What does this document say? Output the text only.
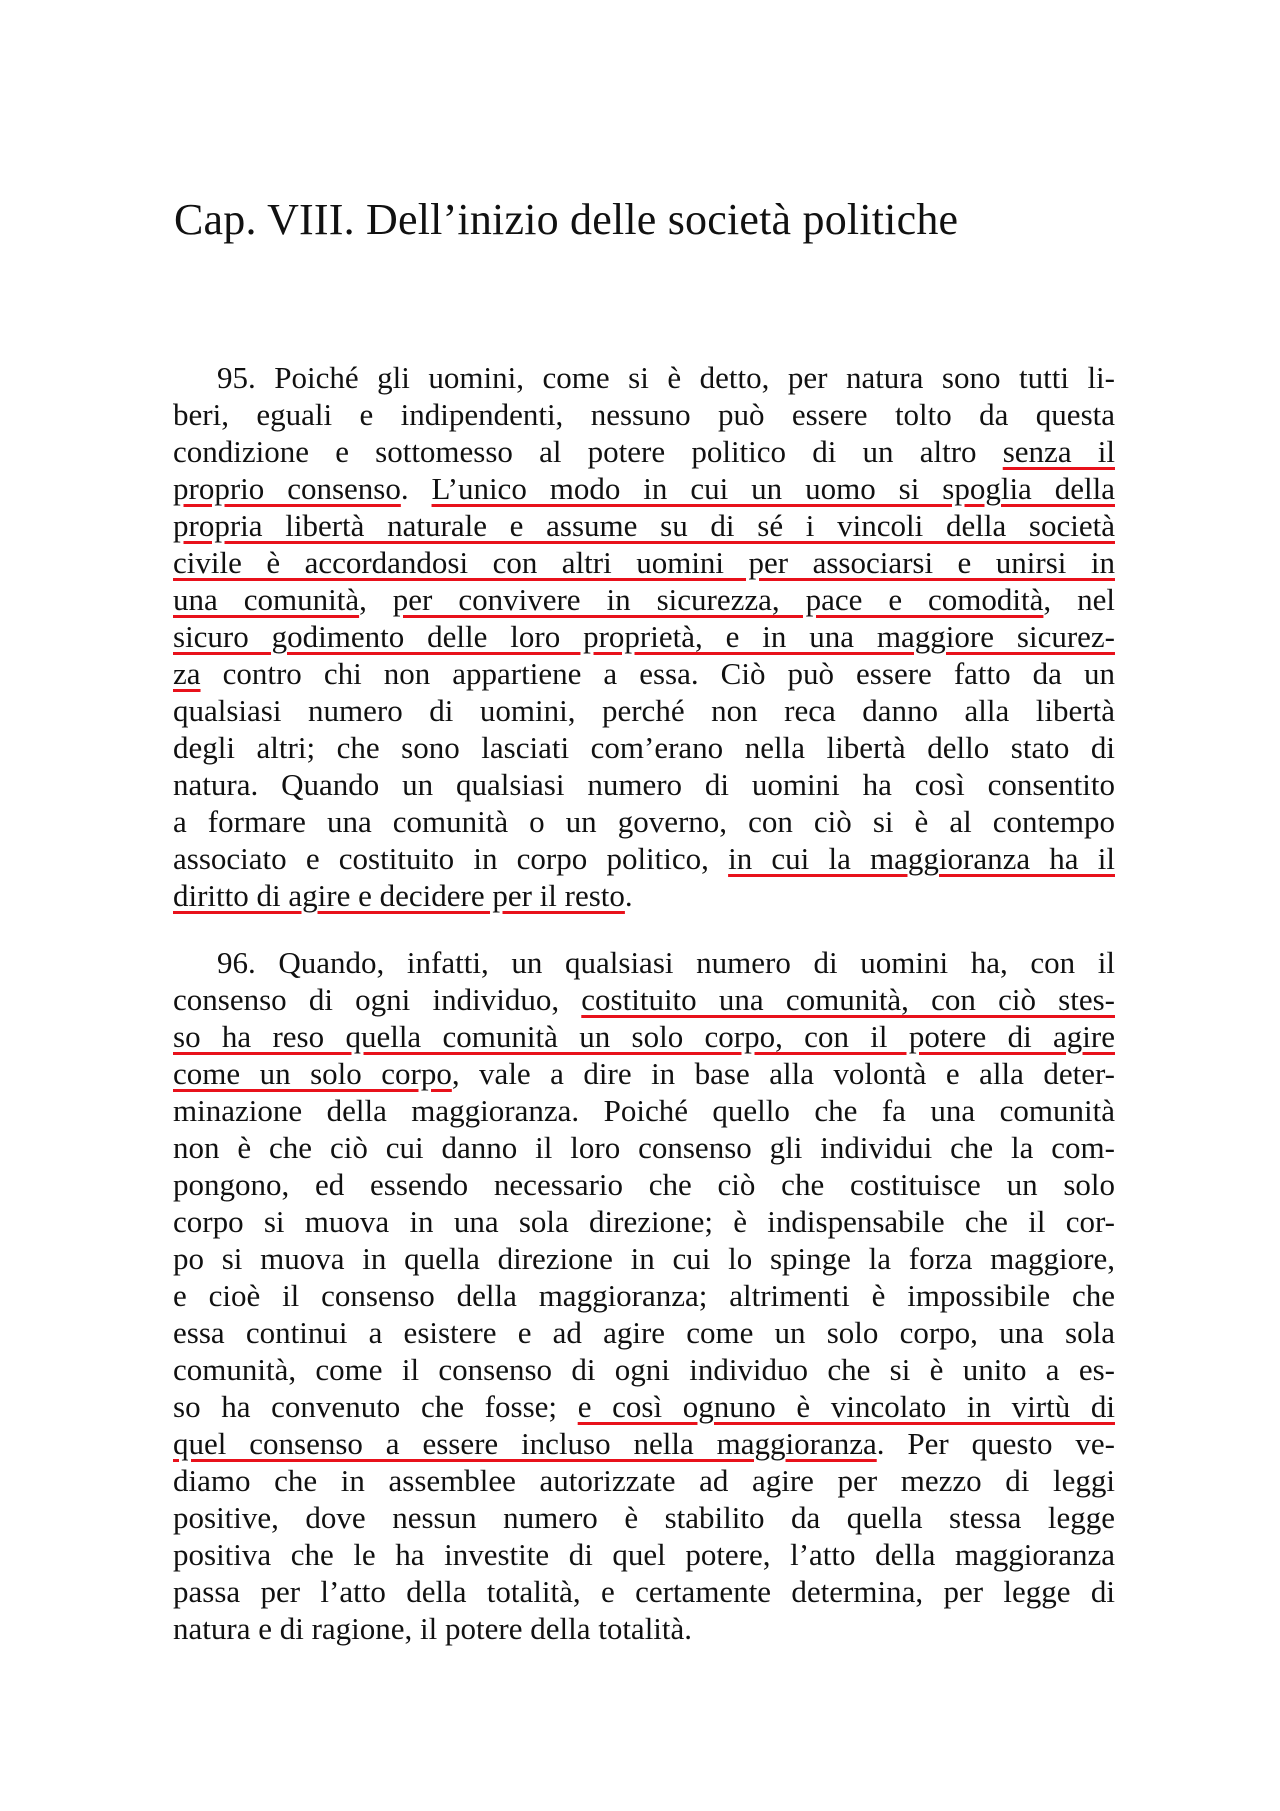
Cap. VIII. Dell’inizio delle società politiche
95. Poiché gli uomini, come si è detto, per natura sono tutti li-
beri, eguali e indipendenti, nessuno può essere tolto da questa
condizione e sottomesso al potere politico di un altro senza il
proprio consenso. L’unico modo in cui un uomo si spoglia della
propria libertà naturale e assume su di sé i vincoli della società
civile è accordandosi con altri uomini per associarsi e unirsi in
una comunità, per convivere in sicurezza, pace e comodità, nel
sicuro godimento delle loro proprietà, e in una maggiore sicurez-
za contro chi non appartiene a essa. Ciò può essere fatto da un
qualsiasi numero di uomini, perché non reca danno alla libertà
degli altri; che sono lasciati com’erano nella libertà dello stato di
natura. Quando un qualsiasi numero di uomini ha così consentito
a formare una comunità o un governo, con ciò si è al contempo
associato e costituito in corpo politico, in cui la maggioranza ha il
diritto di agire e decidere per il resto.
96. Quando, infatti, un qualsiasi numero di uomini ha, con il
consenso di ogni individuo, costituito una comunità, con ciò stes-
so ha reso quella comunità un solo corpo, con il potere di agire
come un solo corpo, vale a dire in base alla volontà e alla deter-
minazione della maggioranza. Poiché quello che fa una comunità
non è che ciò cui danno il loro consenso gli individui che la com-
pongono, ed essendo necessario che ciò che costituisce un solo
corpo si muova in una sola direzione; è indispensabile che il cor-
po si muova in quella direzione in cui lo spinge la forza maggiore,
e cioè il consenso della maggioranza; altrimenti è impossibile che
essa continui a esistere e ad agire come un solo corpo, una sola
comunità, come il consenso di ogni individuo che si è unito a es-
so ha convenuto che fosse; e così ognuno è vincolato in virtù di
quel consenso a essere incluso nella maggioranza. Per questo ve-
diamo che in assemblee autorizzate ad agire per mezzo di leggi
positive, dove nessun numero è stabilito da quella stessa legge
positiva che le ha investite di quel potere, l’atto della maggioranza
passa per l’atto della totalità, e certamente determina, per legge di
natura e di ragione, il potere della totalità.
